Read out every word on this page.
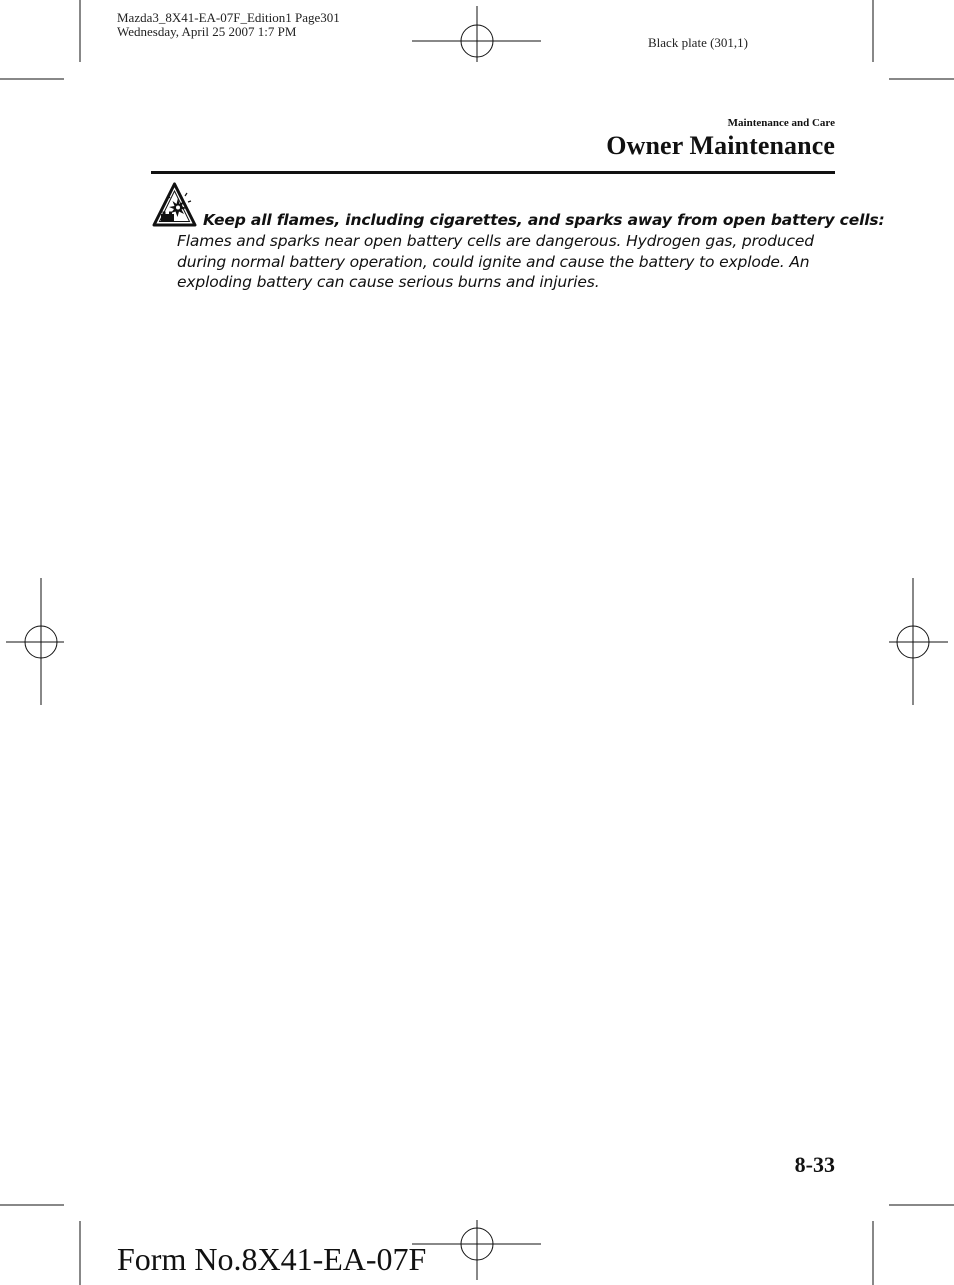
Mazda3_8X41-EA-07F_Edition1 Page301
Wednesday, April 25 2007 1:7 PM
Black plate (301,1)
Maintenance and Care
Owner Maintenance
Keep all flames, including cigarettes, and sparks away from open battery cells:
Flames and sparks near open battery cells are dangerous. Hydrogen gas, produced
during normal battery operation, could ignite and cause the battery to explode. An
exploding battery can cause serious burns and injuries.
8-33
Form No.8X41-EA-07F
